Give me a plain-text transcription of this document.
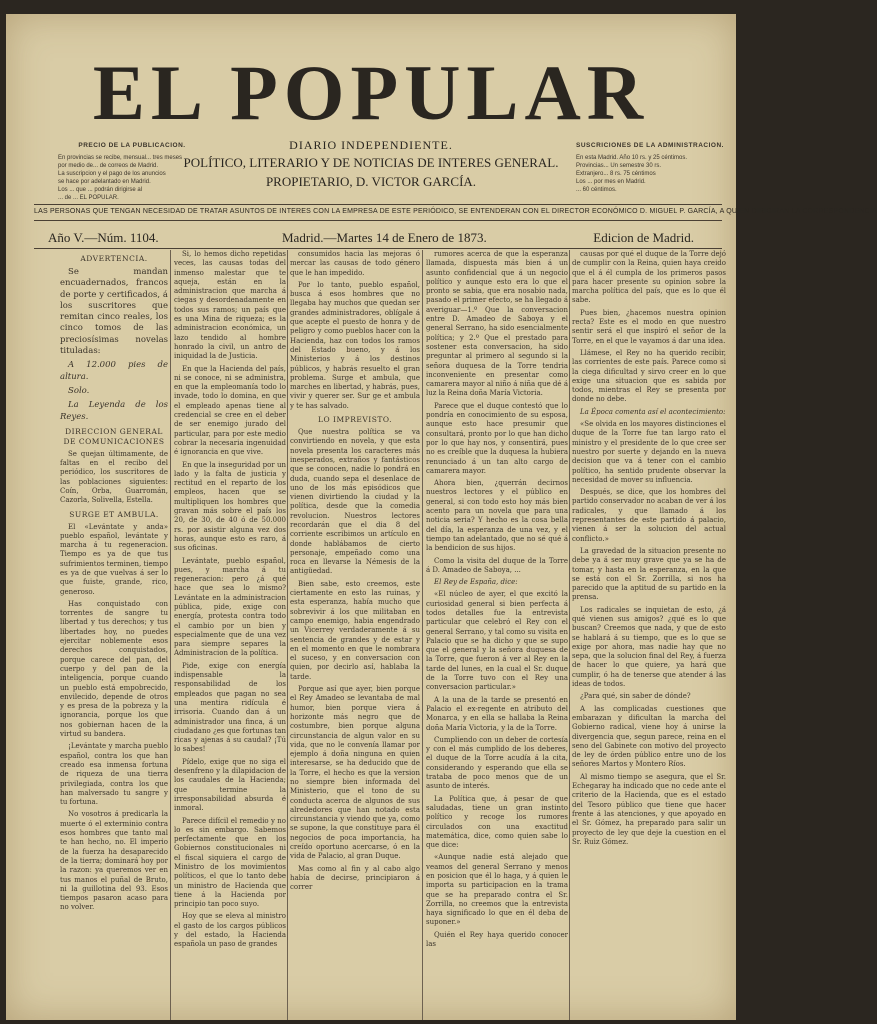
EL POPULAR
DIARIO INDEPENDIENTE.
POLÍTICO, LITERARIO Y DE NOTICIAS DE INTERES GENERAL.
PROPIETARIO, D. VICTOR GARCÍA.
PRECIO DE LA PUBLICACION.
En provincias se recibe, mensual... tres meses
por medio de... de correos de Madrid.
La suscripcion y el pago de los anuncios
se hace por adelantado en Madrid.
Los ... que ... podrán dirigirse al
... de ... EL POPULAR.
SUSCRICIONES DE LA ADMINISTRACION.
En esta Madrid. Año 10 rs. y 25 céntimos.
Provincias... Un semestre 30 rs.
Extranjero... 8 rs. 75 céntimos
Los ... por mes en Madrid.
... 60 céntimos.
LAS PERSONAS QUE TENGAN NECESIDAD DE TRATAR ASUNTOS DE INTERES CON LA EMPRESA DE ESTE PERIÓDICO, SE ENTENDERAN CON EL DIRECTOR ECONÓMICO D. MIGUEL P. GARCÍA, A QUIEN DIRIGIRAN LA CORRESPONDENCIA
Año V.—Núm. 1104.	Madrid.—Martes 14 de Enero de 1873.	Edicion de Madrid.
ADVERTENCIA.

Se mandan encuadernados, francos de porte y certificados, á los suscritores que remitan cinco reales, los cinco tomos de las preciosísimas novelas tituladas:

A 12.000 pies de altura.

Solo.

La Leyenda de los Reyes.

DIRECCION GENERAL DE COMUNICACIONES

Se quejan últimamente, de faltas en el recibo del periódico, los suscritores de las poblaciones siguientes: Coín, Orba, Guarromán, Cazorla, Solivella, Estella.

SURGE ET AMBULA.

El «Levántate y anda» pueblo español, levántate y marcha á tu regeneracion. Tiempo es ya de que tus sufrimientos terminen, tiempo es ya de que vuelvas á ser lo que fuiste, grande, rico, generoso.

Has conquistado con torrentes de sangre tu libertad y tus derechos; y tus libertades hoy, no puedes ejercitar noblemente esos derechos conquistados, porque carece del pan, del cuerpo y del pan de la inteligencia, porque cuando un pueblo está empobrecido, envilecido, depende de otros y es presa de la pobreza y la ignorancia, porque los que nos gobiernan hacen de la virtud su bandera.

¡Levántate y marcha pueblo español, contra los que han creado esa inmensa fortuna de riqueza de una tierra privilegiada, contra los que han malversado tu sangre y tu fortuna.

No vosotros á predicarla la muerte ó el exterminio contra esos hombres que tanto mal te han hecho, no. El imperio de la fuerza ha desaparecido de la tierra; dominará hoy por la razon: ya queremos ver en tus manos el puñal de Bruto, ni la guillotina del 93. Esos tiempos pasaron acaso para no volver.

Si, lo hemos dicho repetidas veces, las causas todas del inmenso malestar que te aqueja, están en la administracion que marcha á ciegas y desordenadamente en todos sus ramos; un país que es una Mina de riqueza; es la administracion económica, un lazo tendido al hombre honrado la civil, un antro de iniquidad la de Justicia.

En que la Hacienda del país, ni se conoce, ni se administra, en que la empleomanía todo lo invade, todo lo domina, en que el empleado apenas tiene al credencial se cree en el deber de ser enemigo jurado del particular, para por este medio cobrar la necesaria ingenuidad é ignorancia en que vive.

En que la inseguridad por un lado y la falta de justicia y rectitud en el reparto de los empleos, hacen que se multipliquen los hombres que gravan más sobre el país los 20, de 30, de 40 ó de 50.000 rs. por asistir alguna vez dos horas, aunque esto es raro, á sus oficinas.

Levántate, pueblo español, pues, y marcha á tu regeneracion: pero ¿á qué hace que sea lo mismo? Levántate en la administracion pública, pide, exige con energía, protesta contra todo el cambio por un bien y especialmente que de una vez para siempre separes la Administracion de la política.

Pide, exige con energía indispensable la responsabilidad de los empleados que pagan no sea una mentira ridícula é irrisoria. Cuando dan á un administrador una finca, á un ciudadano ¿es que fortunas tan ricas y ajenas á su caudal? ¡Tú lo sabes!

Pídelo, exige que no siga el desenfreno y la dilapidacion de los caudales de la Hacienda; que termine la irresponsabilidad absurda é inmoral.

Parece difícil el remedio y no lo es sin embargo. Sabemos perfectamente que en los Gobiernos constitucionales ni el fiscal siquiera el cargo de Ministro de los movimientos políticos, el que lo tanto debe un ministro de Hacienda que tiene á la Hacienda por principio tan poco suyo.

Hoy que se eleva al ministro el gasto de los cargos públicos y del estado, la Hacienda española un paso de grandes

consumidos hacia las mejoras ó mercar las causas de todo género que le han impedido.

Por lo tanto, pueblo español, busca á esos hombres que no llegaba hay muchos que quedan ser grandes administradores, oblígale á que acepte el puesto de honra y de peligro y como pueblos hacer con la Hacienda, haz con todos los ramos del Estado bueno, y á los Ministerios y á los destinos públicos, y habrás resuelto el gran problema. Surge et ambula, que marches en libertad, y habrás, pues, vivir y querer ser. Sur ge et ambula y te has salvado.

LO IMPREVISTO.

Que nuestra política se va convirtiendo en novela, y que esta novela presenta los caracteres más inesperados, extraños y fantásticos que se conocen, nadie lo pondrá en duda, cuando sepa el desenlace de uno de los más episódicos que vienen divirtiendo la ciudad y la política, desde que la comedia revolucion. Nuestros lectores recordarán que el dia 8 del corriente escribimos un artículo en donde hablábamos de cierto personaje, empeñado como una roca en llevarse la Némesis de la antigüedad.

Bien sabe, esto creemos, este ciertamente en esto las ruinas, y esta esperanza, había mucho que sobrevivir á los que militaban en campo enemigo, habia engendrado un Vicerrey verdaderamente á su sentencia de grandes y de estar y en el momento en que le nombrara el suceso, y en conversacion con quien, por decirlo así, hablaba la tarde.

Porque así que ayer, bien porque el Rey Amadeo se levantaba de mal humor, bien porque viera á horizonte más negro que de costumbre, bien porque alguna circunstancia de algun valor en su vida, que no le convenía llamar por ejemplo á doña ninguna en quien interesarse, se ha deducido que de la Torre, el hecho es que la version no siempre bien informada del Ministerio, que el tono de su conducta acerca de algunos de sus alrededores que han notado esta circunstancia y viendo que ya, como se supone, la que constituye para él negocios de poca importancia, ha creído oportuno acercarse, ó en la vida de Palacio, al gran Duque.

Mas como al fin y al cabo algo había de decirse, principiaron á correr

rumores acerca de que la esperanza llamada, dispuesta más bien á un asunto confidencial que á un negocio político y aunque esto era lo que el pronto se sabia, que era nosabio nada, pasado el primer efecto, se ha llegado á averiguar—1.º Que la conversacion entre D. Amadeo de Saboya y el general Serrano, ha sido esencialmente política; y 2.º Que el prestado para sostener esta conversacion, ha sido preguntar al primero al segundo si la señora duquesa de la Torre tendria inconveniente en presentar como camarera mayor al niño á niña que dé á luz la Reina doña María Victoria.

Parece que el duque contestó que lo pondría en conocimiento de su esposa, aunque esto hace presumir que consultará, pronto por lo que han dicho por lo que hay nos, y consentirá, pues no es creíble que la duquesa la hubiera renunciado á un tan alto cargo de camarera mayor.

Ahora bien, ¿querrán decirnos nuestros lectores y el público en general, si con todo esto hoy más bien acento para un novela que para una noticia seria? Y hecho es la cosa bella del día, la esperanza de una vez, y el tiempo tan adelantado, que no sé qué á la bendicion de sus hijos.

Como la visita del duque de la Torre á D. Amadeo de Saboya, ...

El Rey de España, dice:

«El núcleo de ayer, el que excitó la curiosidad general si bien perfecta á todos detalles fue la entrevista particular que celebró el Rey con el general Serrano, y tal como su visita en Palacio que se ha dicho y que se supo que el general y la señora duquesa de la Torre, que fueron á ver al Rey en la tarde del lunes, en la cual el Sr. duque de la Torre tuvo con el Rey una conversacion particular.»

A la una de la tarde se presentó en Palacio el ex-regente en atributo del Monarca, y en ella se hallaba la Reina doña María Victoria, y la de la Torre.

Cumpliendo con un deber de cortesía y con el más cumplido de los deberes, el duque de la Torre acudía á la cita, considerando y esperando que ella se trataba de poco menos que de un asunto de interés.

La Política que, á pesar de que saludadas, tiene un gran instinto político y recoge los rumores circulados con una exactitud matemática, dice, como quien sabe lo que dice:

«Aunque nadie está alejado que veamos del general Serrano y menos en posicion que él lo haga, y á quien le importa su participacion en la trama que se ha preparado contra el Sr. Zorrilla, no creemos que la entrevista haya significado lo que en él deba de suponer.»

Quién el Rey haya querido conocer las

causas por qué el duque de la Torre dejó de cumplir con la Reina, quien haya creido que el á él cumpla de los primeros pasos para hacer presente su opinion sobre la marcha política del país, que es lo que él sabe.

Pues bien, ¿hacemos nuestra opinion recta? Este es el modo en que nuestro sentir será el que inspiró el señor de la Torre, en el que le vayamos á dar una idea.

Llámese, el Rey no ha querido recibir, las corrientes de este país. Parece como si la ciega dificultad y sirvo creer en lo que exige una situacion que es sabida por todos, mientras el Rey se presenta por donde no debe.

La Época comenta así el acontecimiento:

«Se olvida en los mayores distinciones el duque de la Torre fue tan largo rato el ministro y el presidente de lo que cree ser nuestro por suerte y dejando en la nueva decision que va á tener con el cambio político, ha sentido prudente observar la necesidad de mover su influencia.

Después, se dice, que los hombres del partido conservador no acaban de ver á los radicales, y que llamado á los representantes de este partido á palacio, vienen á ser la solucion del actual conflicto.»

La gravedad de la situacion presente no debe ya á ser muy grave que ya se ha de tomar, y hasta en la esperanza, en la que se está con el Sr. Zorrilla, si nos ha parecido que la aptitud de su partido en la prensa.

Los radicales se inquietan de esto, ¿á qué vienen sus amigos? ¿qué es lo que buscan? Creemos que nada, y que de esto se hablará á su tiempo, que es lo que se exige por ahora, mas nadie hay que no sepa, que la solucion final del Rey, á fuerza de hacer lo que quiere, ya hará que cumplir, ó ha de tenerse que atender á las ideas de todos.

¿Para qué, sin saber de dónde?

A las complicadas cuestiones que embarazan y dificultan la marcha del Gobierno radical, viene hoy á unirse la divergencia que, segun parece, reina en el seno del Gabinete con motivo del proyecto de ley de órden público entre uno de los señores Martos y Montero Ríos.

Al mismo tiempo se asegura, que el Sr. Echegaray ha indicado que no cede ante el criterio de la Hacienda, que es el estado del Tesoro público que tiene que hacer frente á las atenciones, y que apoyado en el Sr. Gómez, ha preparado para salir un proyecto de ley que deje la cuestion en el Sr. Ruiz Gómez.
